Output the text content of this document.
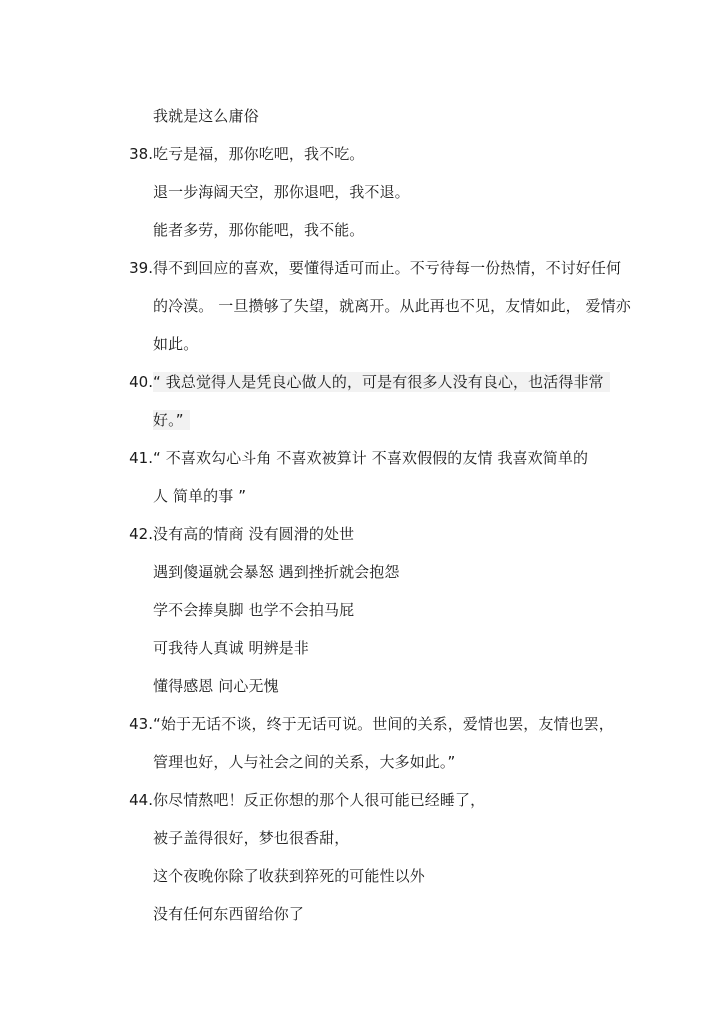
我就是这么庸俗
38. 吃亏是福，那你吃吧，我不吃。
退一步海阔天空，那你退吧，我不退。
能者多劳，那你能吧，我不能。
39. 得不到回应的喜欢，要懂得适可而止。不亏待每一份热情，不讨好任何
的冷漠。 一旦攒够了失望，就离开。从此再也不见，友情如此， 爱情亦
如此。
40. “ 我总觉得人是凭良心做人的，可是有很多人没有良心，也活得非常
好。”
41. “ 不喜欢勾心斗角 不喜欢被算计 不喜欢假假的友情 我喜欢简单的
人 简单的事 ”
42. 没有高的情商 没有圆滑的处世
遇到傻逼就会暴怒 遇到挫折就会抱怨
学不会捧臭脚 也学不会拍马屁
可我待人真诚 明辨是非
懂得感恩 问心无愧
43. “始于无话不谈，终于无话可说。世间的关系，爱情也罢，友情也罢，
管理也好，人与社会之间的关系，大多如此。”
44. 你尽情熬吧！反正你想的那个人很可能已经睡了，
被子盖得很好，梦也很香甜，
这个夜晚你除了收获到猝死的可能性以外
没有任何东西留给你了
